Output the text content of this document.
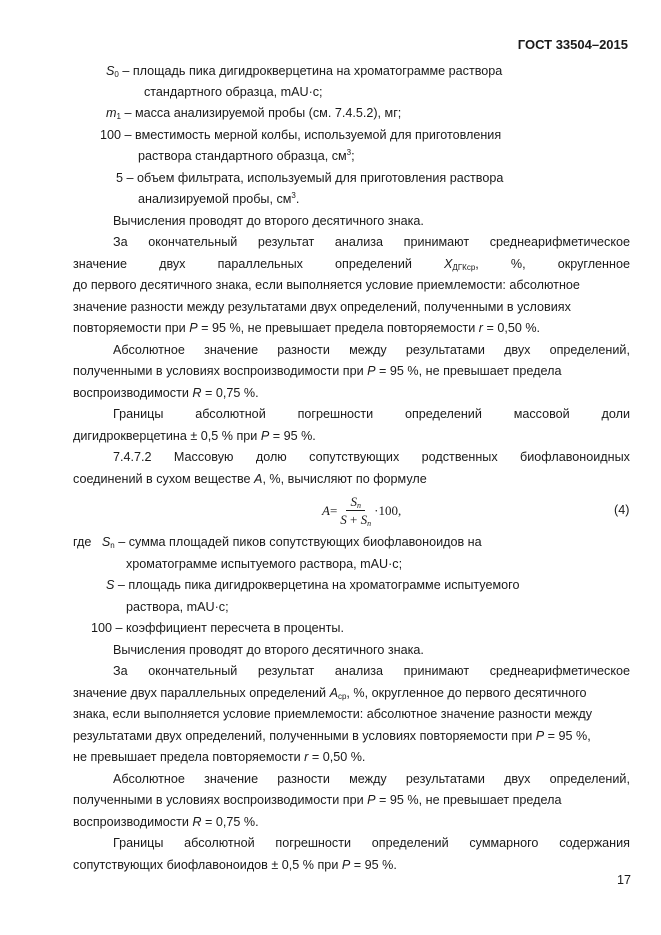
ГОСТ 33504–2015
$S_0$ – площадь пика дигидрокверцетина на хроматограмме раствора
стандартного образца, mAU·c;
$m_1$ – масса анализируемой пробы (см. 7.4.5.2), мг;
100 – вместимость мерной колбы, используемой для приготовления
раствора стандартного образца, $см^3$;
5 – объем фильтрата, используемый для приготовления раствора
анализируемой пробы, $см^3$.
Вычисления проводят до второго десятичного знака.
За окончательный результат анализа принимают среднеарифметическое
значение	двух	параллельных	определений	$X_{ДГКср}$,	%,	округленное
до первого десятичного знака, если выполняется условие приемлемости: абсолютное
значение разности между результатами двух определений, полученными в условиях
повторяемости при P = 95 %, не превышает предела повторяемости r = 0,50 %.
Абсолютное значение разности между результатами двух определений,
полученными в условиях воспроизводимости при P = 95 %, не превышает предела
воспроизводимости R = 0,75 %.
Границы	абсолютной	погрешности	определений	массовой	доли
дигидрокверцетина ± 0,5 % при P = 95 %.
7.4.7.2 Массовую долю сопутствующих родственных биофлавоноидных
соединений в сухом веществе A, %, вычисляют по формуле
$A = \frac{S_n}{S + S_n} \cdot 100$,	(4)
где $S_n$ – сумма площадей пиков сопутствующих биофлавоноидов на
хроматограмме испытуемого раствора, mAU·c;
S – площадь пика дигидрокверцетина на хроматограмме испытуемого
раствора, mAU·c;
100 – коэффициент пересчета в проценты.
Вычисления проводят до второго десятичного знака.
За окончательный результат анализа принимают среднеарифметическое
значение двух параллельных определений $A_{ср}$, %, округленное до первого десятичного
знака, если выполняется условие приемлемости: абсолютное значение разности между
результатами двух определений, полученными в условиях повторяемости при P = 95 %,
не превышает предела повторяемости r = 0,50 %.
Абсолютное значение разности между результатами двух определений,
полученными в условиях воспроизводимости при P = 95 %, не превышает предела
воспроизводимости R = 0,75 %.
Границы абсолютной погрешности определений суммарного содержания
сопутствующих биофлавоноидов ± 0,5 % при P = 95 %.
17
